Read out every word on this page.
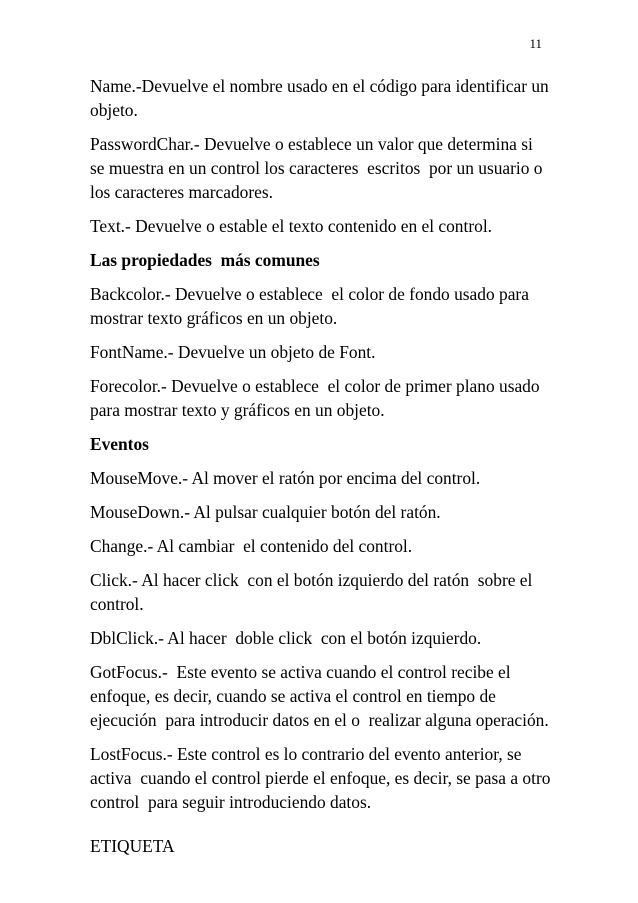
11
Name.-Devuelve el nombre usado en el código para identificar un
objeto.
PasswordChar.- Devuelve o establece un valor que determina si
se muestra en un control los caracteres  escritos  por un usuario o
los caracteres marcadores.
Text.- Devuelve o estable el texto contenido en el control.
Las propiedades  más comunes
Backcolor.- Devuelve o establece  el color de fondo usado para
mostrar texto gráficos en un objeto.
FontName.- Devuelve un objeto de Font.
Forecolor.- Devuelve o establece  el color de primer plano usado
para mostrar texto y gráficos en un objeto.
Eventos
MouseMove.- Al mover el ratón por encima del control.
MouseDown.- Al pulsar cualquier botón del ratón.
Change.- Al cambiar  el contenido del control.
Click.- Al hacer click  con el botón izquierdo del ratón  sobre el
control.
DblClick.- Al hacer  doble click  con el botón izquierdo.
GotFocus.-  Este evento se activa cuando el control recibe el
enfoque, es decir, cuando se activa el control en tiempo de
ejecución  para introducir datos en el o  realizar alguna operación.
LostFocus.- Este control es lo contrario del evento anterior, se
activa  cuando el control pierde el enfoque, es decir, se pasa a otro
control  para seguir introduciendo datos.
ETIQUETA
